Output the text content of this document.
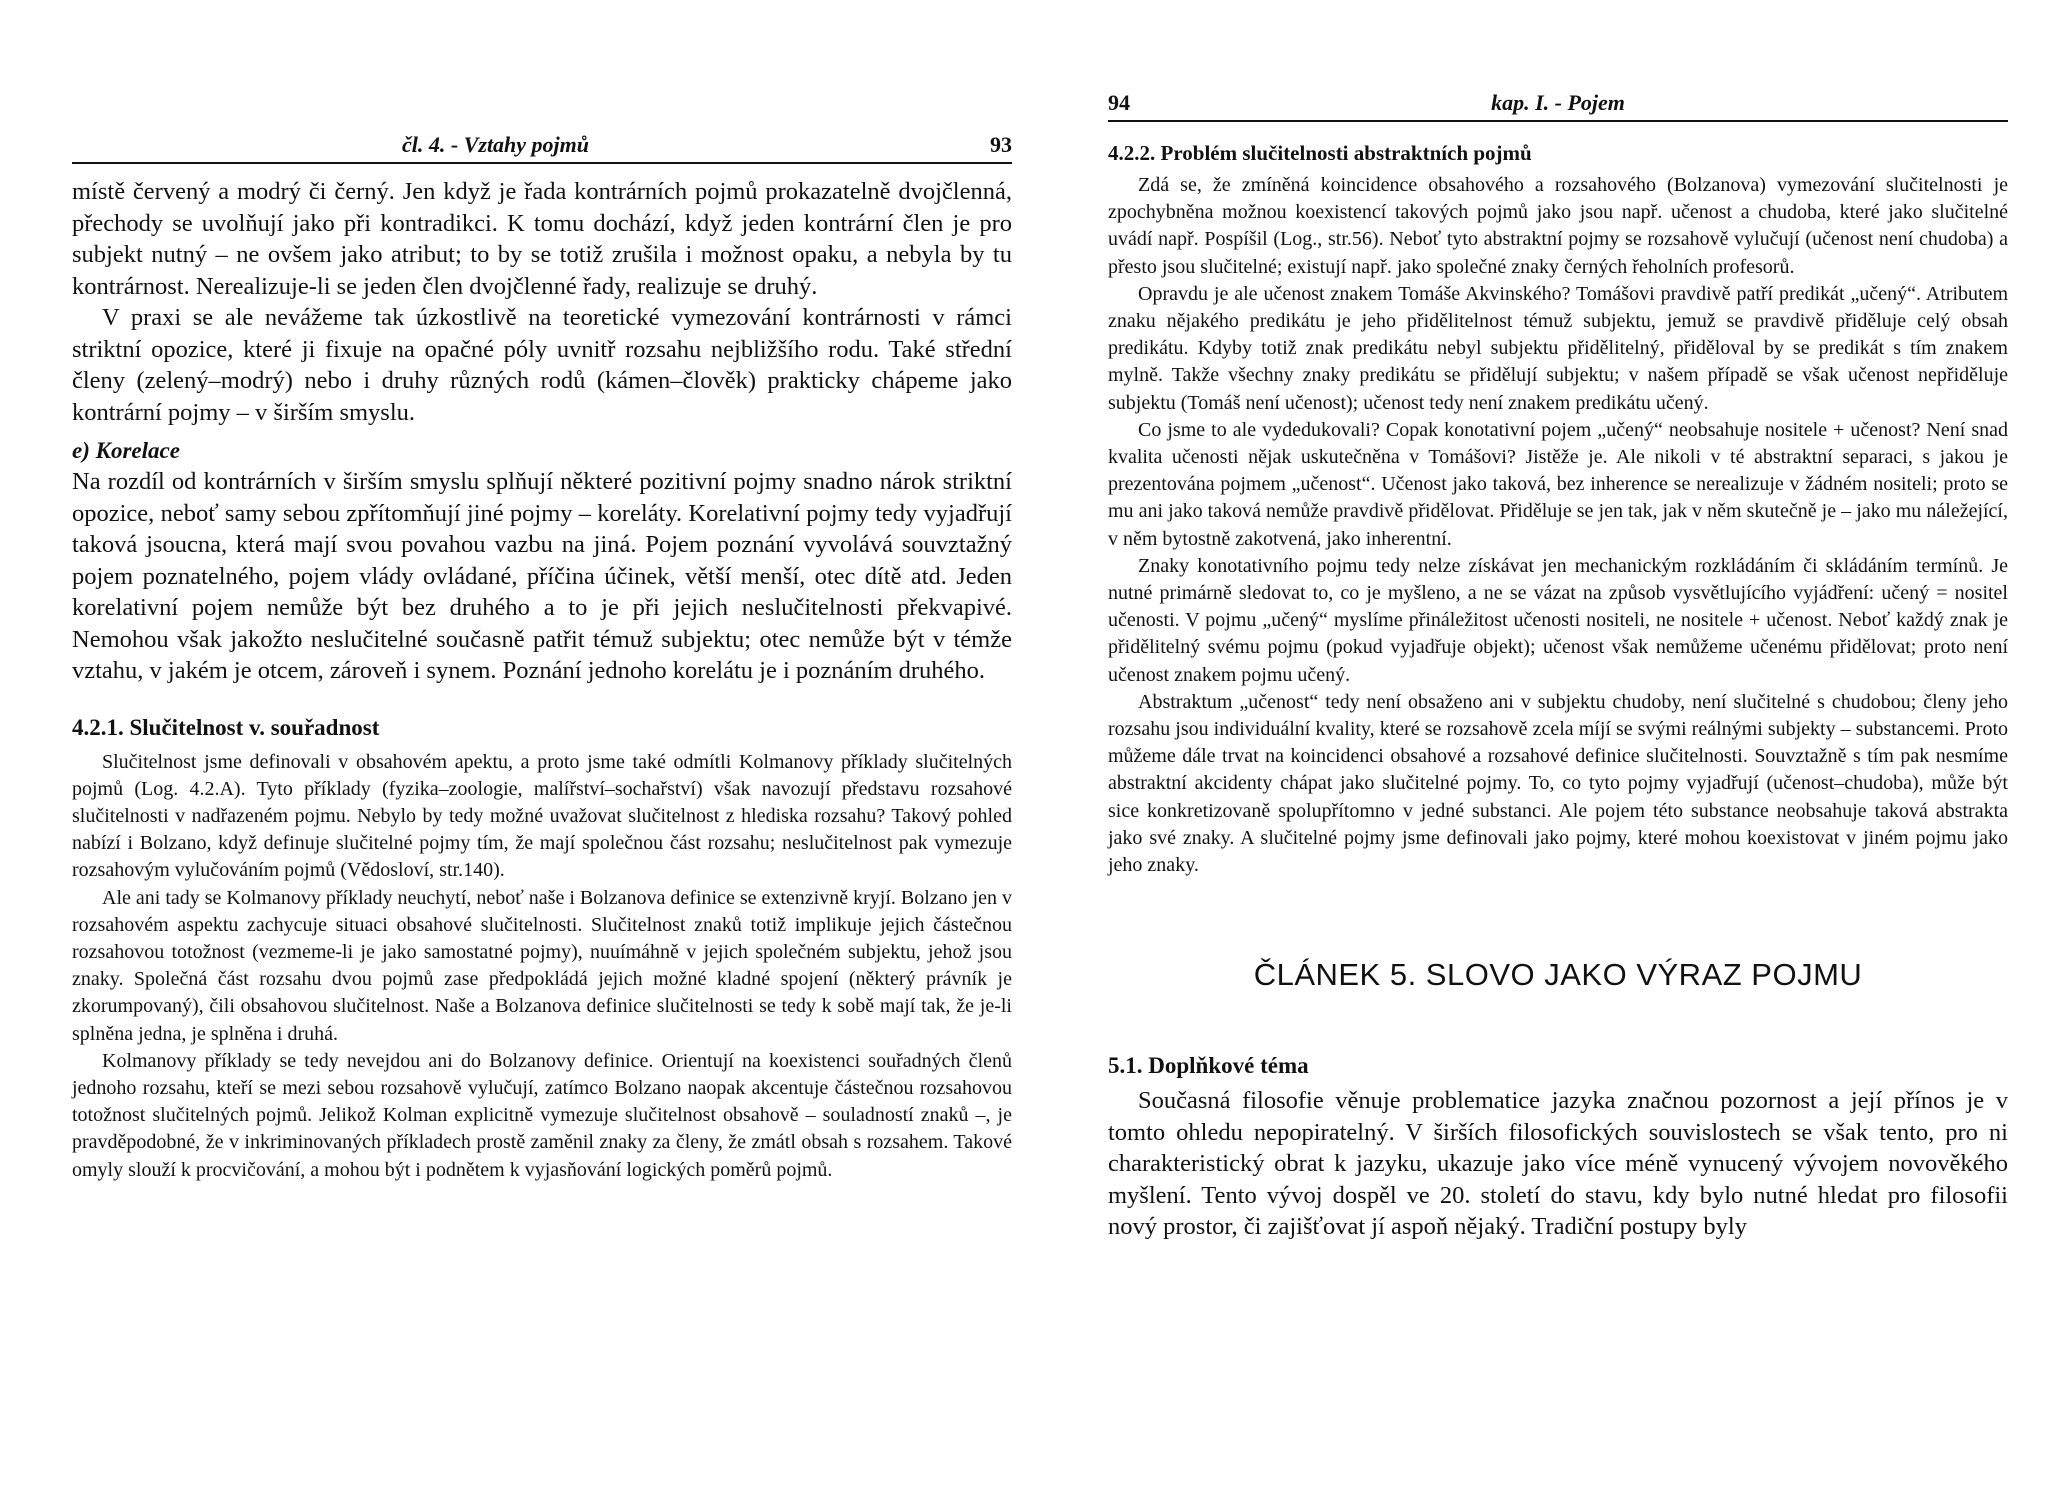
čl. 4. - Vztahy pojmů	93

místě červený a modrý či černý. Jen když je řada kontrárních pojmů prokazatelně dvojčlenná, přechody se uvolňují jako při kontradikci. K tomu dochází, když jeden kontrární člen je pro subjekt nutný – ne ovšem jako atribut; to by se totiž zrušila i možnost opaku, a nebyla by tu kontrárnost. Nerealizuje-li se jeden člen dvojčlenné řady, realizuje se druhý.

V praxi se ale nevážeme tak úzkostlivě na teoretické vymezování kontrárnosti v rámci striktní opozice, které ji fixuje na opačné póly uvnitř rozsahu nejbližšího rodu. Také střední členy (zelený–modrý) nebo i druhy různých rodů (kámen–člověk) prakticky chápeme jako kontrární pojmy – v širším smyslu.

e) Korelace

Na rozdíl od kontrárních v širším smyslu splňují některé pozitivní pojmy snadno nárok striktní opozice, neboť samy sebou zpřítomňují jiné pojmy – koreláty. Korelativní pojmy tedy vyjadřují taková jsoucna, která mají svou povahou vazbu na jiná. Pojem poznání vyvolává souvztažný pojem poznatelného, pojem vlády ovládané, příčina účinek, větší menší, otec dítě atd. Jeden korelativní pojem nemůže být bez druhého a to je při jejich neslučitelnosti překvapivé. Nemohou však jakožto neslučitelné současně patřit témuž subjektu; otec nemůže být v témže vztahu, v jakém je otcem, zároveň i synem. Poznání jednoho korelátu je i poznáním druhého.

4.2.1. Slučitelnost v. souřadnost

Slučitelnost jsme definovali v obsahovém apektu, a proto jsme také odmítli Kolmanovy příklady slučitelných pojmů (Log. 4.2.A). Tyto příklady (fyzika–zoologie, malířství–sochařství) však navozují představu rozsahové slučitelnosti v nadřazeném pojmu. Nebylo by tedy možné uvažovat slučitelnost z hlediska rozsahu? Takový pohled nabízí i Bolzano, když definuje slučitelné pojmy tím, že mají společnou část rozsahu; neslučitelnost pak vymezuje rozsahovým vylučováním pojmů (Vědosloví, str.140).

Ale ani tady se Kolmanovy příklady neuchytí, neboť naše i Bolzanova definice se extenzivně kryjí. Bolzano jen v rozsahovém aspektu zachycuje situaci obsahové slučitelnosti. Slučitelnost znaků totiž implikuje jejich částečnou rozsahovou totožnost (vezmeme-li je jako samostatné pojmy), nuuímáhně v jejich společném subjektu, jehož jsou znaky. Společná část rozsahu dvou pojmů zase předpokládá jejich možné kladné spojení (některý právník je zkorumpovaný), čili obsahovou slučitelnost. Naše a Bolzanova definice slučitelnosti se tedy k sobě mají tak, že je-li splněna jedna, je splněna i druhá.

Kolmanovy příklady se tedy nevejdou ani do Bolzanovy definice. Orientují na koexistenci souřadných členů jednoho rozsahu, kteří se mezi sebou rozsahově vylučují, zatímco Bolzano naopak akcentuje částečnou rozsahovou totožnost slučitelných pojmů. Jelikož Kolman explicitně vymezuje slučitelnost obsahově – souladností znaků –, je pravděpodobné, že v inkriminovaných příkladech prostě zaměnil znaky za členy, že zmátl obsah s rozsahem. Takové omyly slouží k procvičování, a mohou být i podnětem k vyjasňování logických poměrů pojmů.

94	kap. I. - Pojem
4.2.2. Problém slučitelnosti abstraktních pojmů

Zdá se, že zmíněná koincidence obsahového a rozsahového (Bolzanova) vymezování slučitelnosti je zpochybněna možnou koexistencí takových pojmů jako jsou např. učenost a chudoba, které jako slučitelné uvádí např. Pospíšil (Log., str.56). Neboť tyto abstraktní pojmy se rozsahově vylučují (učenost není chudoba) a přesto jsou slučitelné; existují např. jako společné znaky černých řeholních profesorů.

Opravdu je ale učenost znakem Tomáše Akvinského? Tomášovi pravdivě patří predikát „učený“. Atributem znaku nějakého predikátu je jeho přidělitelnost témuž subjektu, jemuž se pravdivě přiděluje celý obsah predikátu. Kdyby totiž znak predikátu nebyl subjektu přidělitelný, přiděloval by se predikát s tím znakem mylně. Takže všechny znaky predikátu se přidělují subjektu; v našem případě se však učenost nepřiděluje subjektu (Tomáš není učenost); učenost tedy není znakem predikátu učený.

Co jsme to ale vydedukovali? Copak konotativní pojem „učený“ neobsahuje nositele + učenost? Není snad kvalita učenosti nějak uskutečněna v Tomášovi? Jistěže je. Ale nikoli v té abstraktní separaci, s jakou je prezentována pojmem „učenost“. Učenost jako taková, bez inherence se nerealizuje v žádném nositeli; proto se mu ani jako taková nemůže pravdivě přidělovat. Přiděluje se jen tak, jak v něm skutečně je – jako mu náležející, v něm bytostně zakotvená, jako inherentní.

Znaky konotativního pojmu tedy nelze získávat jen mechanickým rozkládáním či skládáním termínů. Je nutné primárně sledovat to, co je myšleno, a ne se vázat na způsob vysvětlujícího vyjádření: učený = nositel učenosti. V pojmu „učený“ myslíme přináležitost učenosti nositeli, ne nositele + učenost. Neboť každý znak je přidělitelný svému pojmu (pokud vyjadřuje objekt); učenost však nemůžeme učenému přidělovat; proto není učenost znakem pojmu učený.

Abstraktum „učenost“ tedy není obsaženo ani v subjektu chudoby, není slučitelné s chudobou; členy jeho rozsahu jsou individuální kvality, které se rozsahově zcela míjí se svými reálnými subjekty – substancemi. Proto můžeme dále trvat na koincidenci obsahové a rozsahové definice slučitelnosti. Souvztažně s tím pak nesmíme abstraktní akcidenty chápat jako slučitelné pojmy. To, co tyto pojmy vyjadřují (učenost–chudoba), může být sice konkretizovaně spolupřítomno v jedné substanci. Ale pojem této substance neobsahuje taková abstrakta jako své znaky. A slučitelné pojmy jsme definovali jako pojmy, které mohou koexistovat v jiném pojmu jako jeho znaky.

ČLÁNEK 5. SLOVO JAKO VÝRAZ POJMU
5.1. Doplňkové téma

Současná filosofie věnuje problematice jazyka značnou pozornost a její přínos je v tomto ohledu nepopiratelný. V širších filosofických souvislostech se však tento, pro ni charakteristický obrat k jazyku, ukazuje jako více méně vynucený vývojem novověkého myšlení. Tento vývoj dospěl ve 20. století do stavu, kdy bylo nutné hledat pro filosofii nový prostor, či zajišťovat jí aspoň nějaký. Tradiční postupy byly
